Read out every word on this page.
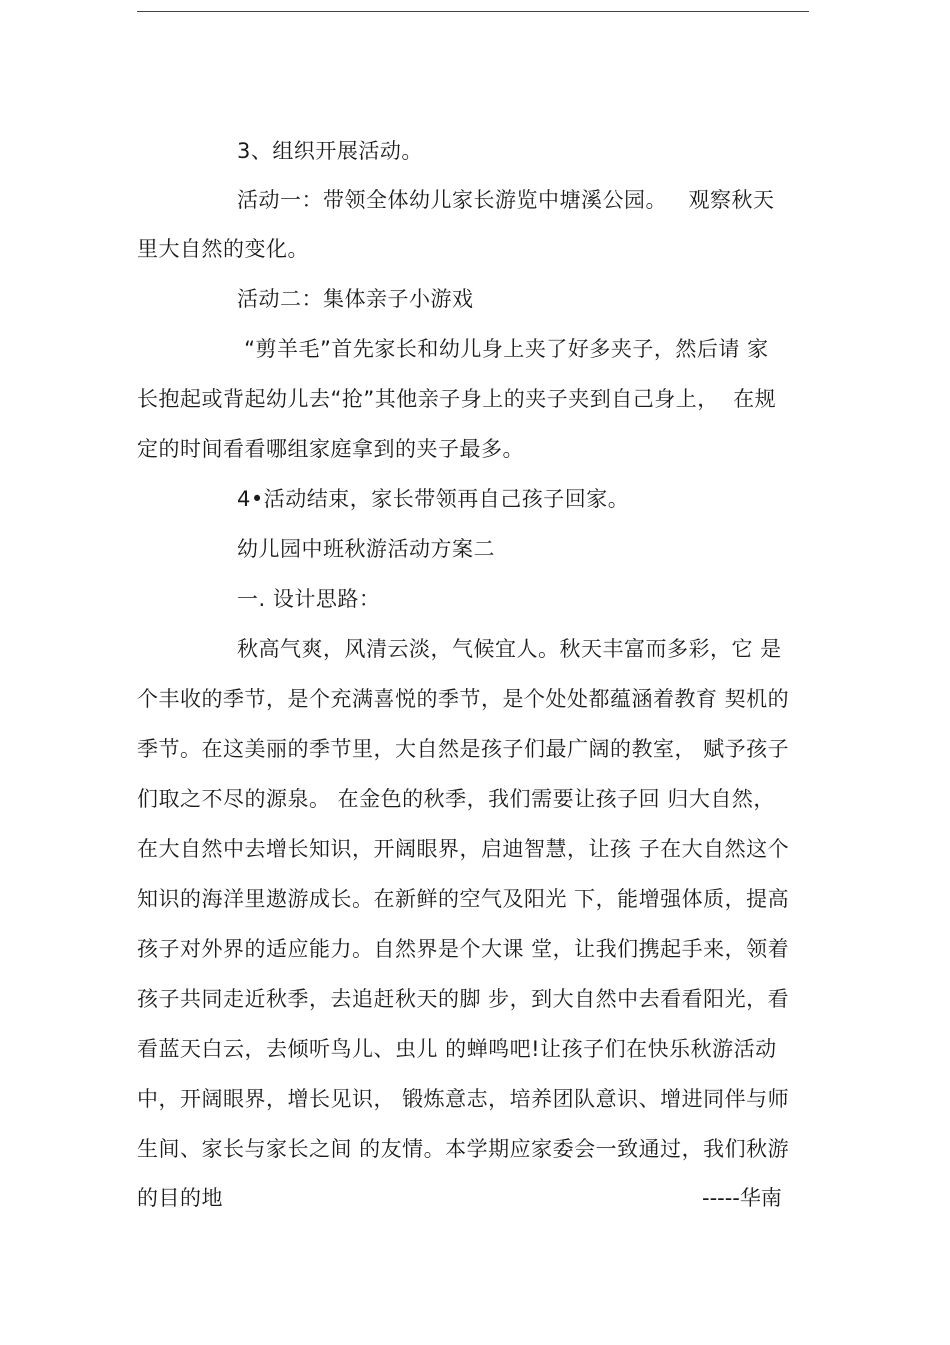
3、组织开展活动。
活动一：带领全体幼儿家长游览中塘溪公园。   观察秋天
里大自然的变化。
活动二：集体亲子小游戏
“剪羊毛”首先家长和幼儿身上夹了好多夹子，然后请 家
长抱起或背起幼儿去“抢”其他亲子身上的夹子夹到自己身上，  在规
定的时间看看哪组家庭拿到的夹子最多。
4•活动结束，家长带领再自己孩子回家。
幼儿园中班秋游活动方案二
一. 设计思路：
秋高气爽，风清云淡，气候宜人。秋天丰富而多彩，它 是
个丰收的季节，是个充满喜悦的季节，是个处处都蕴涵着教育 契机的
季节。在这美丽的季节里，大自然是孩子们最广阔的教室， 赋予孩子
们取之不尽的源泉。 在金色的秋季，我们需要让孩子回 归大自然，
在大自然中去增长知识，开阔眼界，启迪智慧，让孩 子在大自然这个
知识的海洋里遨游成长。在新鲜的空气及阳光 下，能增强体质，提高
孩子对外界的适应能力。自然界是个大课 堂，让我们携起手来，领着
孩子共同走近秋季，去追赶秋天的脚 步，到大自然中去看看阳光，看
看蓝天白云，去倾听鸟儿、虫儿 的蝉鸣吧!让孩子们在快乐秋游活动
中，开阔眼界，增长见识， 锻炼意志，培养团队意识、增进同伴与师
生间、家长与家长之间 的友情。本学期应家委会一致通过，我们秋游
的目的地	-----华南
